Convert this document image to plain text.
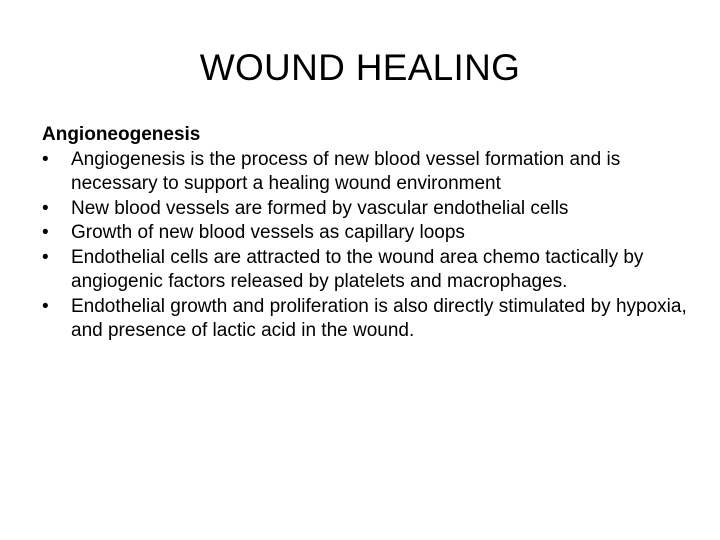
WOUND HEALING

Angioneogenesis

•	Angiogenesis is the process of new blood vessel formation and is necessary to support a healing wound environment
•	New blood vessels are formed by vascular endothelial cells
•	Growth of new blood vessels as capillary loops
•	Endothelial cells are attracted to the wound area chemo tactically by angiogenic factors released by platelets and macrophages.
•	Endothelial growth and proliferation is also directly stimulated by hypoxia, and presence of lactic acid in the wound.
